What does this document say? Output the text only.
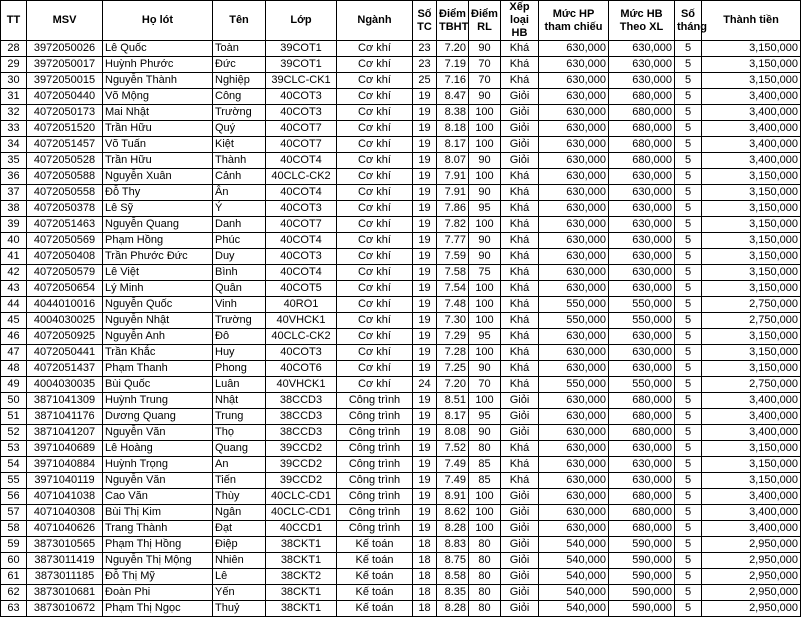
TT	MSV	Họ lót	Tên	Lớp	Ngành	Số TC	Điểm TBHT	Điểm RL	Xếp loại HB	Mức HP tham chiếu	Mức HB Theo XL	Số tháng	Thành tiền
28	3972050026	Lê Quốc	Toàn	39COT1	Cơ khí	23	7.20	90	Khá	630,000	630,000	5	3,150,000
29	3972050017	Huỳnh Phước	Đức	39COT1	Cơ khí	23	7.19	70	Khá	630,000	630,000	5	3,150,000
30	3972050015	Nguyễn Thành	Nghiệp	39CLC-CK1	Cơ khí	25	7.16	70	Khá	630,000	630,000	5	3,150,000
31	4072050440	Võ Mộng	Công	40COT3	Cơ khí	19	8.47	90	Giỏi	630,000	680,000	5	3,400,000
32	4072050173	Mai Nhật	Trường	40COT3	Cơ khí	19	8.38	100	Giỏi	630,000	680,000	5	3,400,000
33	4072051520	Trần Hữu	Quý	40COT7	Cơ khí	19	8.18	100	Giỏi	630,000	680,000	5	3,400,000
34	4072051457	Võ Tuấn	Kiệt	40COT7	Cơ khí	19	8.17	100	Giỏi	630,000	680,000	5	3,400,000
35	4072050528	Trần Hữu	Thành	40COT4	Cơ khí	19	8.07	90	Giỏi	630,000	680,000	5	3,400,000
36	4072050588	Nguyễn Xuân	Cảnh	40CLC-CK2	Cơ khí	19	7.91	100	Khá	630,000	630,000	5	3,150,000
37	4072050558	Đỗ Thy	Ân	40COT4	Cơ khí	19	7.91	90	Khá	630,000	630,000	5	3,150,000
38	4072050378	Lê Sỹ	Ý	40COT3	Cơ khí	19	7.86	95	Khá	630,000	630,000	5	3,150,000
39	4072051463	Nguyễn Quang	Danh	40COT7	Cơ khí	19	7.82	100	Khá	630,000	630,000	5	3,150,000
40	4072050569	Phạm Hồng	Phúc	40COT4	Cơ khí	19	7.77	90	Khá	630,000	630,000	5	3,150,000
41	4072050408	Trần Phước Đức	Duy	40COT3	Cơ khí	19	7.59	90	Khá	630,000	630,000	5	3,150,000
42	4072050579	Lê Việt	Bình	40COT4	Cơ khí	19	7.58	75	Khá	630,000	630,000	5	3,150,000
43	4072050654	Lý Minh	Quân	40COT5	Cơ khí	19	7.54	100	Khá	630,000	630,000	5	3,150,000
44	4044010016	Nguyễn Quốc	Vinh	40RO1	Cơ khí	19	7.48	100	Khá	550,000	550,000	5	2,750,000
45	4004030025	Nguyễn Nhật	Trường	40VHCK1	Cơ khí	19	7.30	100	Khá	550,000	550,000	5	2,750,000
46	4072050925	Nguyễn Anh	Đô	40CLC-CK2	Cơ khí	19	7.29	95	Khá	630,000	630,000	5	3,150,000
47	4072050441	Trần Khắc	Huy	40COT3	Cơ khí	19	7.28	100	Khá	630,000	630,000	5	3,150,000
48	4072051437	Phạm Thanh	Phong	40COT6	Cơ khí	19	7.25	90	Khá	630,000	630,000	5	3,150,000
49	4004030035	Bùi Quốc	Luân	40VHCK1	Cơ khí	24	7.20	70	Khá	550,000	550,000	5	2,750,000
50	3871041309	Huỳnh Trung	Nhật	38CCD3	Công trình	19	8.51	100	Giỏi	630,000	680,000	5	3,400,000
51	3871041176	Dương Quang	Trung	38CCD3	Công trình	19	8.17	95	Giỏi	630,000	680,000	5	3,400,000
52	3871041207	Nguyễn Văn	Thọ	38CCD3	Công trình	19	8.08	90	Giỏi	630,000	680,000	5	3,400,000
53	3971040689	Lê Hoàng	Quang	39CCD2	Công trình	19	7.52	80	Khá	630,000	630,000	5	3,150,000
54	3971040884	Huỳnh Trọng	An	39CCD2	Công trình	19	7.49	85	Khá	630,000	630,000	5	3,150,000
55	3971040119	Nguyễn Văn	Tiến	39CCD2	Công trình	19	7.49	85	Khá	630,000	630,000	5	3,150,000
56	4071041038	Cao Văn	Thùy	40CLC-CD1	Công trình	19	8.91	100	Giỏi	630,000	680,000	5	3,400,000
57	4071040308	Bùi Thị Kim	Ngân	40CLC-CD1	Công trình	19	8.62	100	Giỏi	630,000	680,000	5	3,400,000
58	4071040626	Trang Thành	Đạt	40CCD1	Công trình	19	8.28	100	Giỏi	630,000	680,000	5	3,400,000
59	3873010565	Phạm Thị Hồng	Điệp	38CKT1	Kế toán	18	8.83	80	Giỏi	540,000	590,000	5	2,950,000
60	3873011419	Nguyễn Thị Mộng	Nhiên	38CKT1	Kế toán	18	8.75	80	Giỏi	540,000	590,000	5	2,950,000
61	3873011185	Đỗ Thị Mỹ	Lê	38CKT2	Kế toán	18	8.58	80	Giỏi	540,000	590,000	5	2,950,000
62	3873010681	Đoàn Phi	Yến	38CKT1	Kế toán	18	8.35	80	Giỏi	540,000	590,000	5	2,950,000
63	3873010672	Phạm Thị Ngọc	Thuỷ	38CKT1	Kế toán	18	8.28	80	Giỏi	540,000	590,000	5	2,950,000
